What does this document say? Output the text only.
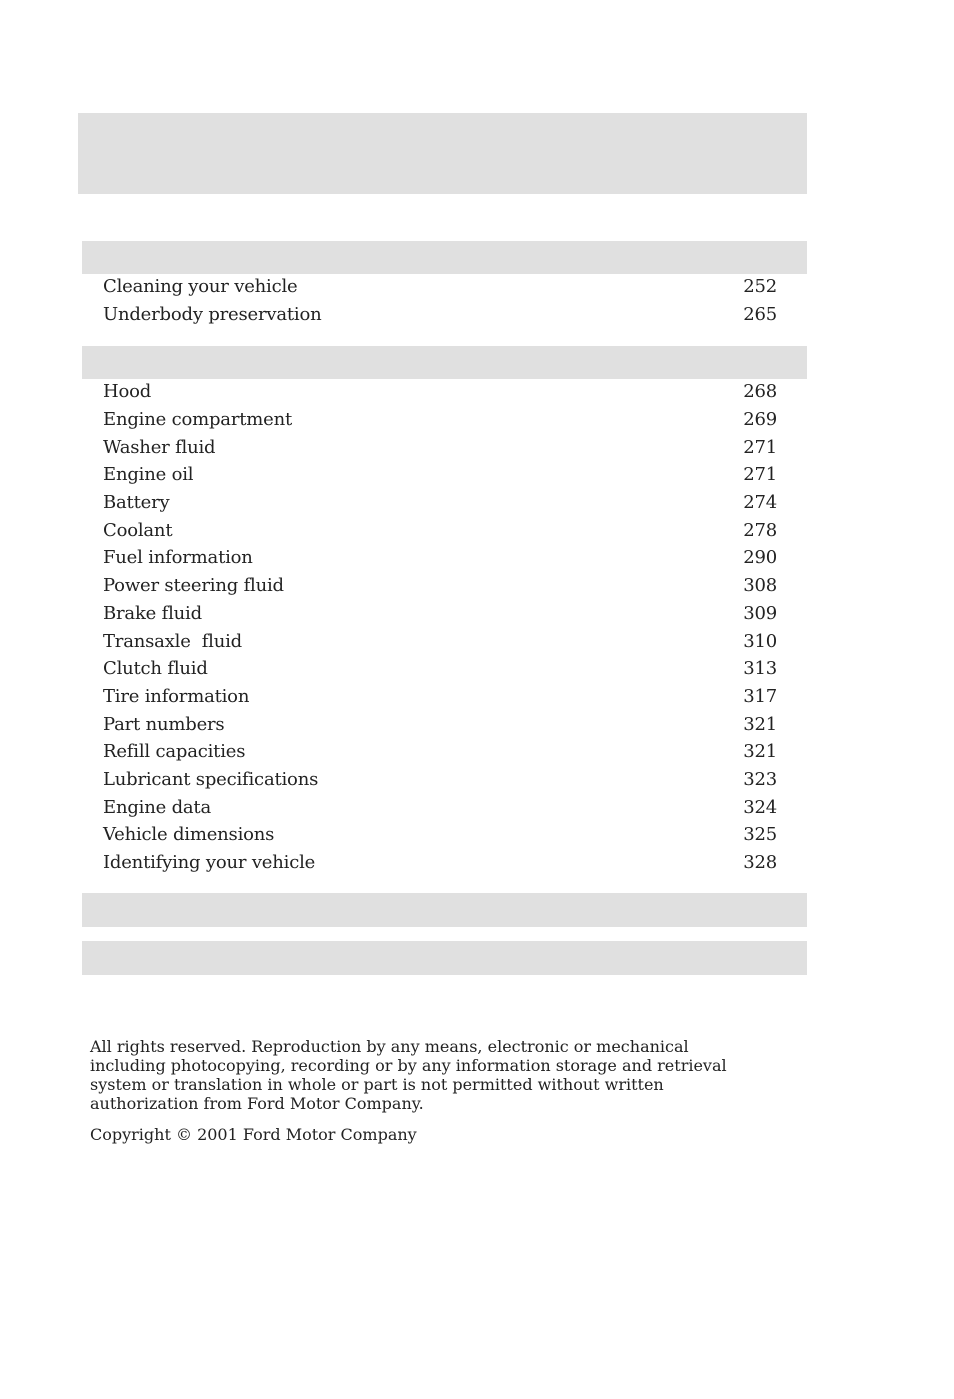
Cleaning your vehicle	252
Underbody preservation	265
Hood	268
Engine compartment	269
Washer fluid	271
Engine oil	271
Battery	274
Coolant	278
Fuel information	290
Power steering fluid	308
Brake fluid	309
Transaxle  fluid	310
Clutch fluid	313
Tire information	317
Part numbers	321
Refill capacities	321
Lubricant specifications	323
Engine data	324
Vehicle dimensions	325
Identifying your vehicle	328

All rights reserved. Reproduction by any means, electronic or mechanical including photocopying, recording or by any information storage and retrieval system or translation in whole or part is not permitted without written authorization from Ford Motor Company.

Copyright © 2001 Ford Motor Company
